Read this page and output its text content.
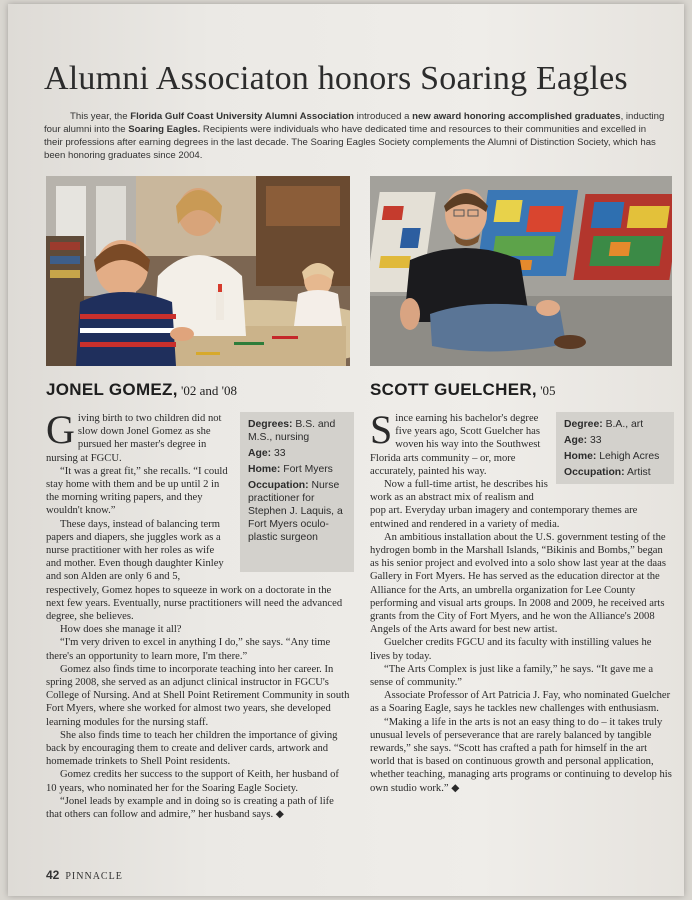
Alumni Associaton honors Soaring Eagles
This year, the Florida Gulf Coast University Alumni Association introduced a new award honoring accomplished graduates, inducting four alumni into the Soaring Eagles. Recipients were individuals who have dedicated time and resources to their communities and excelled in their professions after earning degrees in the last decade. The Soaring Eagles Society complements the Alumni of Distinction Society, which has been honoring graduates since 2004.
JONEL GOMEZ, '02 and '08	SCOTT GUELCHER, '05
Degrees: B.S. and M.S., nursing
Age: 33
Home: Fort Myers
Occupation: Nurse practitioner for Stephen J. Laquis, a Fort Myers oculo-plastic surgeon

Giving birth to two children did not slow down Jonel Gomez as she pursued her master's degree in nursing at FGCU.

“It was a great fit,” she recalls. “I could stay home with them and be up until 2 in the morning writing papers, and they wouldn't know.”

These days, instead of balancing term papers and diapers, she juggles work as a nurse practitioner with her roles as wife and mother. Even though daughter Kinley and son Alden are only 6 and 5, respectively, Gomez hopes to squeeze in work on a doctorate in the next few years. Eventually, nurse practitioners will need the advanced degree, she believes.

How does she manage it all?

“I'm very driven to excel in anything I do,” she says. “Any time there's an opportunity to learn more, I'm there.”

Gomez also finds time to incorporate teaching into her career. In spring 2008, she served as an adjunct clinical instructor in FGCU's College of Nursing. And at Shell Point Retirement Community in south Fort Myers, where she worked for almost two years, she developed learning modules for the nursing staff.

She also finds time to teach her children the importance of giving back by encouraging them to create and deliver cards, artwork and homemade trinkets to Shell Point residents.

Gomez credits her success to the support of Keith, her husband of 10 years, who nominated her for the Soaring Eagle Society.

“Jonel leads by example and in doing so is creating a path of life that others can follow and admire,” her husband says. ◆

Degree: B.A., art
Age: 33
Home: Lehigh Acres
Occupation: Artist

Since earning his bachelor's degree five years ago, Scott Guelcher has woven his way into the Southwest Florida arts community – or, more accurately, painted his way.

Now a full-time artist, he describes his work as an abstract mix of realism and pop art. Everyday urban imagery and contemporary themes are entwined and rendered in a variety of media.

An ambitious installation about the U.S. government testing of the hydrogen bomb in the Marshall Islands, “Bikinis and Bombs,” began as his senior project and evolved into a solo show last year at the daas Gallery in Fort Myers. He has served as the education director at the Alliance for the Arts, an umbrella organization for Lee County performing and visual arts groups. In 2008 and 2009, he received arts grants from the City of Fort Myers, and he won the Alliance's 2008 Angels of the Arts award for best new artist.

Guelcher credits FGCU and its faculty with instilling values he lives by today.

“The Arts Complex is just like a family,” he says. “It gave me a sense of community.”

Associate Professor of Art Patricia J. Fay, who nominated Guelcher as a Soaring Eagle, says he tackles new challenges with enthusiasm.

“Making a life in the arts is not an easy thing to do – it takes truly unusual levels of perseverance that are rarely balanced by tangible rewards,” she says. “Scott has crafted a path for himself in the art world that is based on continuous growth and personal application, whether teaching, managing arts programs or continuing to develop his own studio work.” ◆

42 PINNACLE
